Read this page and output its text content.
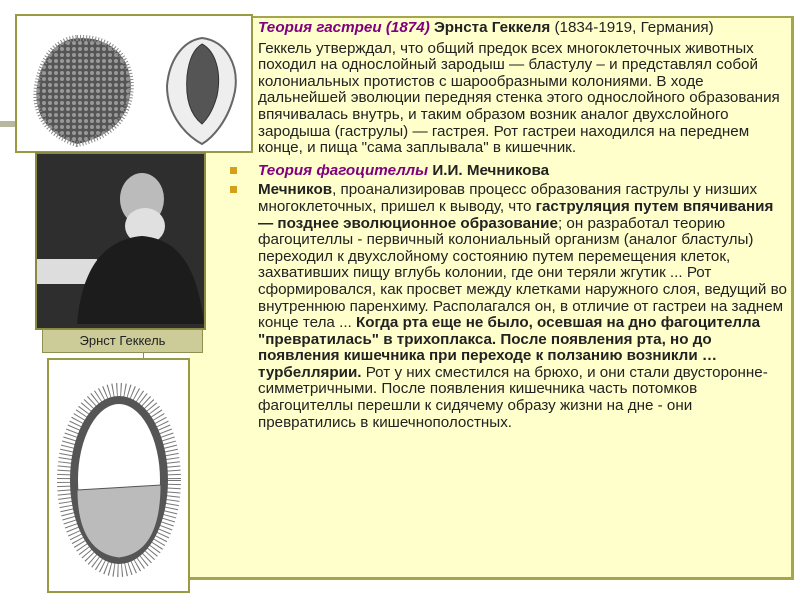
Эрнст Геккель
Теория гастреи (1874) Эрнста Геккеля (1834-1919, Германия)
Геккель утверждал, что общий предок всех многоклеточных животных походил на однослойный зародыш — бластулу – и представлял собой колониальных протистов с шарообразными колониями. В ходе дальнейшей эволюции передняя стенка этого однослойного образования впячивалась внутрь, и таким образом возник аналог двухслойного зародыша (гаструлы) — гастрея. Рот гастреи находился на переднем конце, и пища "сама заплывала" в кишечник.
Теория фагоцителлы И.И. Мечникова
Мечников, проанализировав процесс образования гаструлы у низших многоклеточных, пришел к выводу, что гаструляция путем впячивания — позднее эволюционное образование; он разработал теорию фагоцителлы - первичный колониальный организм (аналог бластулы) переходил к двухслойному состоянию путем перемещения клеток, захвативших пищу вглубь колонии, где они теряли жгутик ... Рот сформировался, как просвет между клетками наружного слоя, ведущий во внутреннюю паренхиму. Располагался он, в отличие от гастреи на заднем конце тела ... Когда рта еще не было, осевшая на дно фагоцителла "превратилась" в трихоплакса. После появления рта, но до появления кишечника при переходе к ползанию возникли … турбеллярии. Рот у них сместился на брюхо, и они стали двустороннесимметричными. После появления кишечника часть потомков фагоцителлы перешли к сидячему образу жизни на дне - они превратились в кишечнополостных.
